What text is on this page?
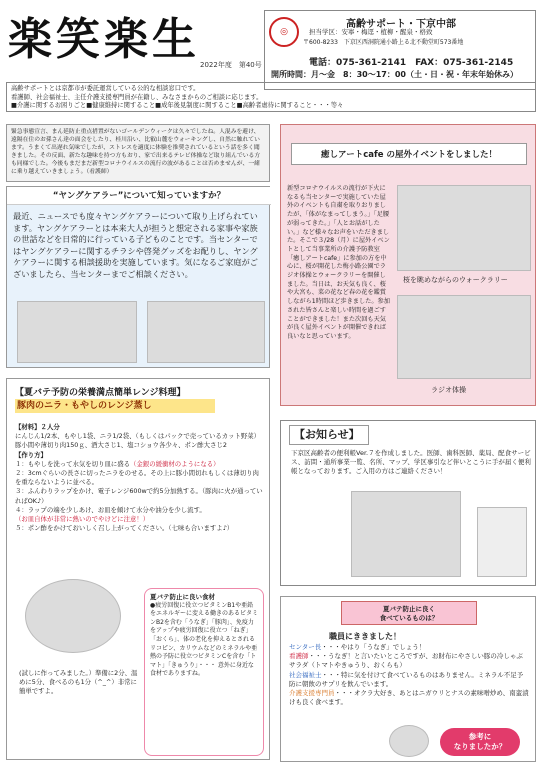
楽笑楽生 2022年度　第40号
◎
高齢サポート・下京中部
担当学区：安寧・梅逕・植柳・醒泉・格致
〒600-8233　下京区西洞院通小路上る北不動堂町573番地
電話：075-361-2141　FAX：075-361-2145
開所時間：月〜金　8：30〜17：00（土・日・祝・年末年始休み）
高齢サポートとは京都市が委託運営している公的な相談窓口です。
看護師、社会福祉士、主任介護支援専門員が在籍し、みなさまからのご相談に応じます。
■介護に関するお困りごと■健康維持に関すること■成年後見制度に関すること■高齢者虐待に関すること・・・等々
緊急事態宣言、まん延防止重点措置がないゴールデンウィークは久々でしたね。人混みを避け、遠隔在住のお孫さん達の面会をしたり、桂川沿い、比叡山麓をウォーキングし、自然に触れています。うまくて出遅れ気味でしたが、ストレスを適度に体験を推奨されているという話を多く聞きました。その反面、新たな趣味を持つ方もおり、家で出来るテレビ体操など取り組んでいる方も同様でした。今後もまだまだ新型コロナウイルスの流行の波があることは否めませんが、一緒に乗り越えていきましょう。（看護師）
“ヤングケアラー”について知っていますか？
最近、ニュースでも度々ヤングケアラーについて取り上げられています。ヤングケアラーとは本来大人が担うと想定される家事や家族の世話などを日常的に行っている子どものことです。当センターではヤングケアラーに関するチラシや啓発グッズをお配りし、ヤングケアラーに関する相談援助を実施しています。気になるご家庭がございましたら、当センターまでご相談ください。
【夏バテ予防の栄養満点簡単レンジ料理】
豚肉のニラ・もやしのレンジ蒸し
【材料】２人分
にんじん1/2本、もやし1袋、ニラ1/2袋、（もしくはパックで売っているカット野菜）豚小間や薄切り肉150ｇ、酒大さじ1、塩コショウ各少々、ポン酢大さじ2
【作り方】
１：もやしを洗って水気を切り皿に盛る（金銀の緩衝材のようになる）
２：3cmぐらいの長さに切ったニラをのせる。その上に豚小間切れもしくは薄切り肉を重ならないように並べる。
３：ふんわりラップをかけ、電子レンジ600wで約5分加熱する。（豚肉に火が通っていればOK♪）
４：ラップの端を少しあけ、お皿を傾けて水分や油分を少し流す。
（お皿自体が非常に熱いのでやけどに注意！）
５：ポン酢をかけておいしく召し上がってください。（七味も合いますよ♪）
(試しに作ってみました。）準備に2分、温めに5分、食べるのも1分（^_^）非常に簡単ですよ。
夏バテ防止に良い食材
●疲労回復に役立つビタミンB1や亜鉛をエネルギーに変える働きのあるビタミンB2を含む「うなぎ」「豚肉」、免疫力をアップや疲労回復に役立つ「ねぎ」「おくら」、体の老化を抑えるとされるリコピン、カリウムなどのミネラルや亜熱の予防に役立つビタミンCを含む「トマト」「きゅうり」・・・ 意外に身近な食材でありますね。
癒しアートcafe の屋外イベントをしました！
新型コロナウイルスの流行が下火になるも当センターで実施していた屋外のイベントも自粛を取りおりましたが、「体がなまってしまう。」「足腰が弱ってきた。」「人とお話がしたい。」など様々なお声をいただきました。そこで３/28（月）に屋外イベントとして当事業所の介護予防教室「癒しアートcafe」に参加の方を中心に、桜が開花した梅小路公園でラジオ体操とウォークラリーを開催しました。当日は、お天気も良く、桜や大宮も、菜の花など春の花を鑑賞しながら1時間ほど歩きました。参加された皆さんと楽しい時間を過ごすことができました！また次回も天気が良く屋外イベントが開催できれば良いなと思っています。
桜を眺めながらのウォークラリー
ラジオ体操
【お知らせ】
下京区高齢者の便利帳Ver.７を作成しました。医師、歯科医師、薬局、配食サービス、訪問・通所事業一覧、名所、マップ、学区事引など伴いとこうに手が届く便利帳となっております。ご入用の方はご連絡ください！
夏バテ防止に良く
食べているものは？
職員にききました！
センター長・・・やはり「うなぎ」でしょう！
看護師・・・うなぎ！と言いたいところですが、お財布にやさしい豚の冷しゃぶサラダ（トマトやきゅうり、おくらも）
社会福祉士・・・特に気を付けて食べているものはありません。ミネラル不足予防に朝飲のサプリを飲んでいます。
介護支援専門員・・・オクラ大好き、あとはニガウリとナスの素味噌炒め、南蛮漬けも良く食べます。
参考に
なりましたか？
